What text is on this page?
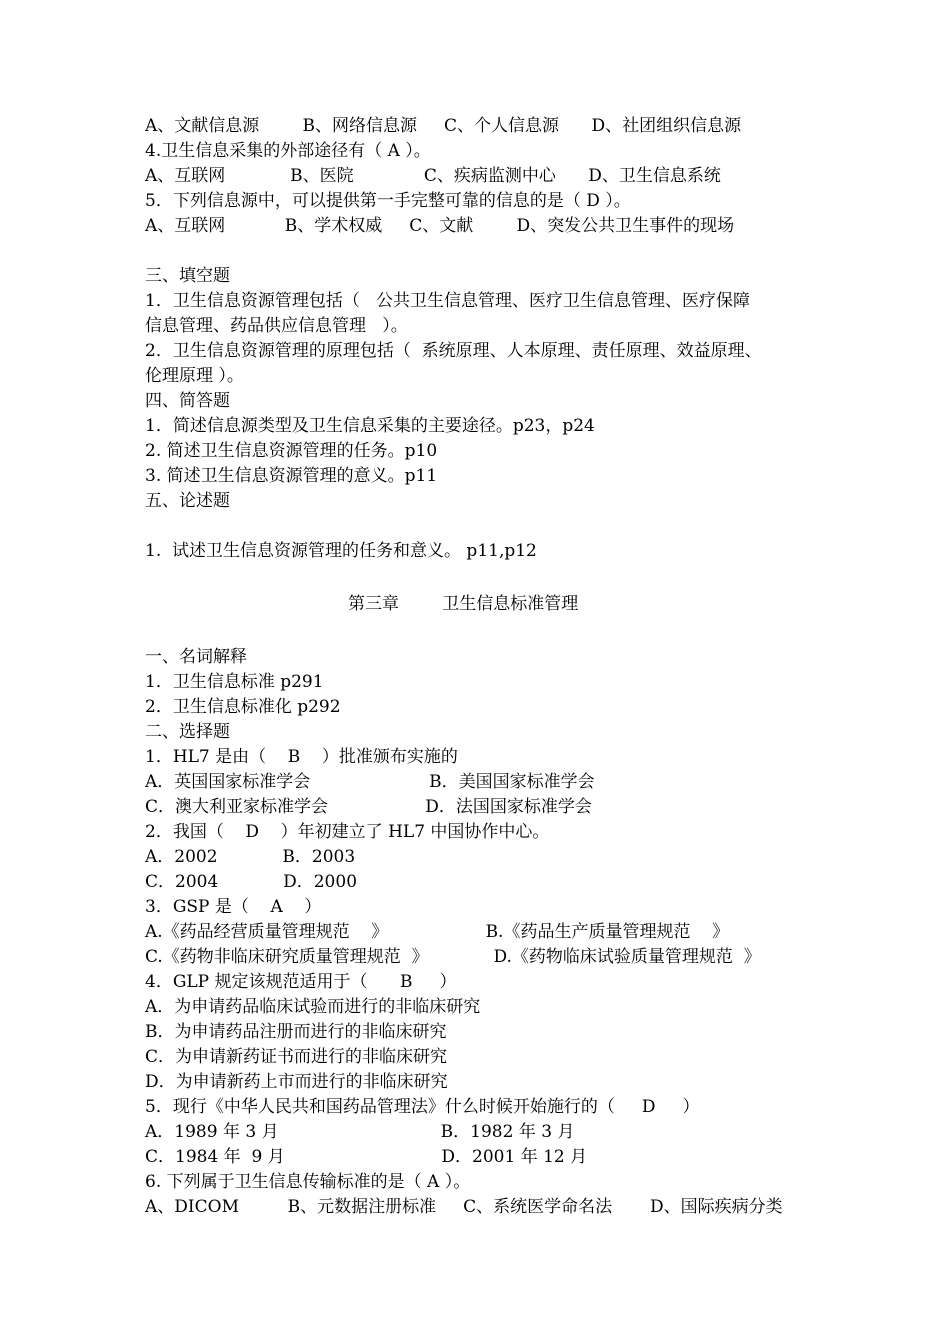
A、文献信息源        B、网络信息源     C、个人信息源      D、社团组织信息源
4.卫生信息采集的外部途径有（ A ）。
A、互联网            B、医院             C、疾病监测中心      D、卫生信息系统
5．下列信息源中，可以提供第一手完整可靠的信息的是（ D ）。
A、互联网           B、学术权威     C、文献        D、突发公共卫生事件的现场
三、填空题
1．卫生信息资源管理包括（   公共卫生信息管理、医疗卫生信息管理、医疗保障
信息管理、药品供应信息管理   ）。
2．卫生信息资源管理的原理包括（  系统原理、人本原理、责任原理、效益原理、
伦理原理 ）。
四、简答题
1．简述信息源类型及卫生信息采集的主要途径。p23，p24
2. 简述卫生信息资源管理的任务。p10
3. 简述卫生信息资源管理的意义。p11
五、论述题
1.  试述卫生信息资源管理的任务和意义。 p11,p12
第三章        卫生信息标准管理
一、名词解释
1．卫生信息标准 p291
2．卫生信息标准化 p292
二、选择题
1．HL7 是由（    B    ）批准颁布实施的
A．英国国家标准学会                      B．美国国家标准学会
C．澳大利亚家标准学会                  D．法国国家标准学会
2．我国（    D    ）年初建立了 HL7 中国协作中心。
A．2002            B．2003
C．2004            D．2000
3．GSP 是（    A    ）
A.《药品经营质量管理规范    》                  B.《药品生产质量管理规范    》
C.《药物非临床研究质量管理规范  》            D.《药物临床试验质量管理规范  》
4．GLP 规定该规范适用于（      B     ）
A．为申请药品临床试验而进行的非临床研究
B．为申请药品注册而进行的非临床研究
C．为申请新药证书而进行的非临床研究
D．为申请新药上市而进行的非临床研究
5．现行《中华人民共和国药品管理法》什么时候开始施行的（     D     ）
A．1989 年 3 月                              B．1982 年 3 月
C．1984 年  9 月                             D．2001 年 12 月
6. 下列属于卫生信息传输标准的是（ A ）。
A、DICOM         B、元数据注册标准     C、系统医学命名法       D、国际疾病分类
